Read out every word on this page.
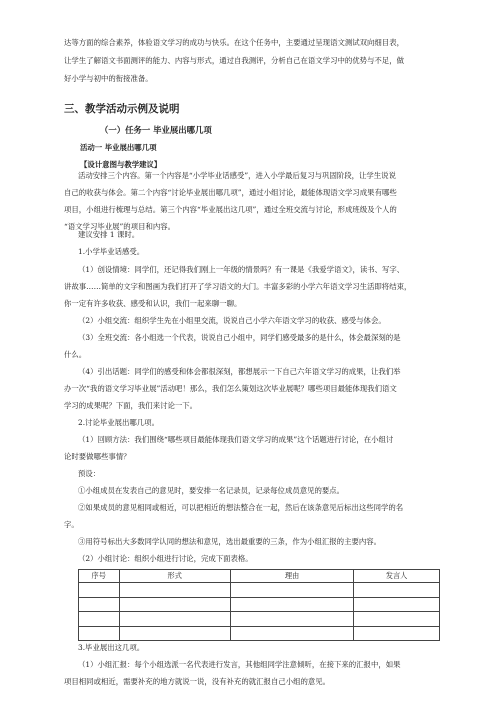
达等方面的综合素养，体验语文学习的成功与快乐。在这个任务中，主要通过呈现语文测试双向细目表，
让学生了解语文书面测评的能力、内容与形式，通过自我测评，分析自己在语文学习中的优势与不足，做
好小学与初中的衔接准备。
三、教学活动示例及说明
（一）任务一 毕业展出哪几项
活动一 毕业展出哪几项
【设计意图与教学建议】
活动安排三个内容。第一个内容是“小学毕业话感受”，进入小学最后复习与巩固阶段，让学生说说
自己的收获与体会。第二个内容“讨论毕业展出哪几项”，通过小组讨论，最能体现语文学习成果有哪些
项目，小组进行梳理与总结。第三个内容“毕业展出这几项”，通过全班交流与讨论，形成班级及个人的
“语文学习毕业展”的项目和内容。
建议安排 1 课时。
1.小学毕业话感受。
（1）创设情境：同学们，还记得我们刚上一年级的情景吗？有一课是《我爱学语文》，读书、写字、
讲故事……简单的文字和图画为我们打开了学习语文的大门。丰富多彩的小学六年语文学习生活即将结束，
你一定有许多收获、感受和认识，我们一起来聊一聊。
（2）小组交流：组织学生先在小组里交流，说说自己小学六年语文学习的收获、感受与体会。
（3）全班交流：各小组选一个代表，说说自己小组中，同学们感受最多的是什么，体会最深刻的是
什么。
（4）引出话题：同学们的感受和体会都很深刻，都想展示一下自己六年语文学习的成果，让我们举
办一次“我的语文学习毕业展”活动吧！那么，我们怎么策划这次毕业展呢？哪些项目最能体现我们语文
学习的成果呢？下面，我们来讨论一下。
2.讨论毕业展出哪几项。
（1）回顾方法：我们围绕“哪些项目最能体现我们语文学习的成果”这个话题进行讨论，在小组讨
论时要做哪些事情？
预设：
①小组成员在发表自己的意见时，要安排一名记录员，记录每位成员意见的要点。
②如果成员的意见相同或相近，可以把相近的想法整合在一起，然后在该条意见后标出这些同学的名
字。
③用符号标出大多数同学认同的想法和意见，选出最重要的三条，作为小组汇报的主要内容。
（2）小组讨论：组织小组进行讨论，完成下面表格。
序号	形式	理由	发言人

3.毕业展出这几项。
（1）小组汇报：每个小组选派一名代表进行发言，其他组同学注意倾听，在接下来的汇报中，如果
项目相同或相近，需要补充的地方就说一说，没有补充的就汇报自己小组的意见。
